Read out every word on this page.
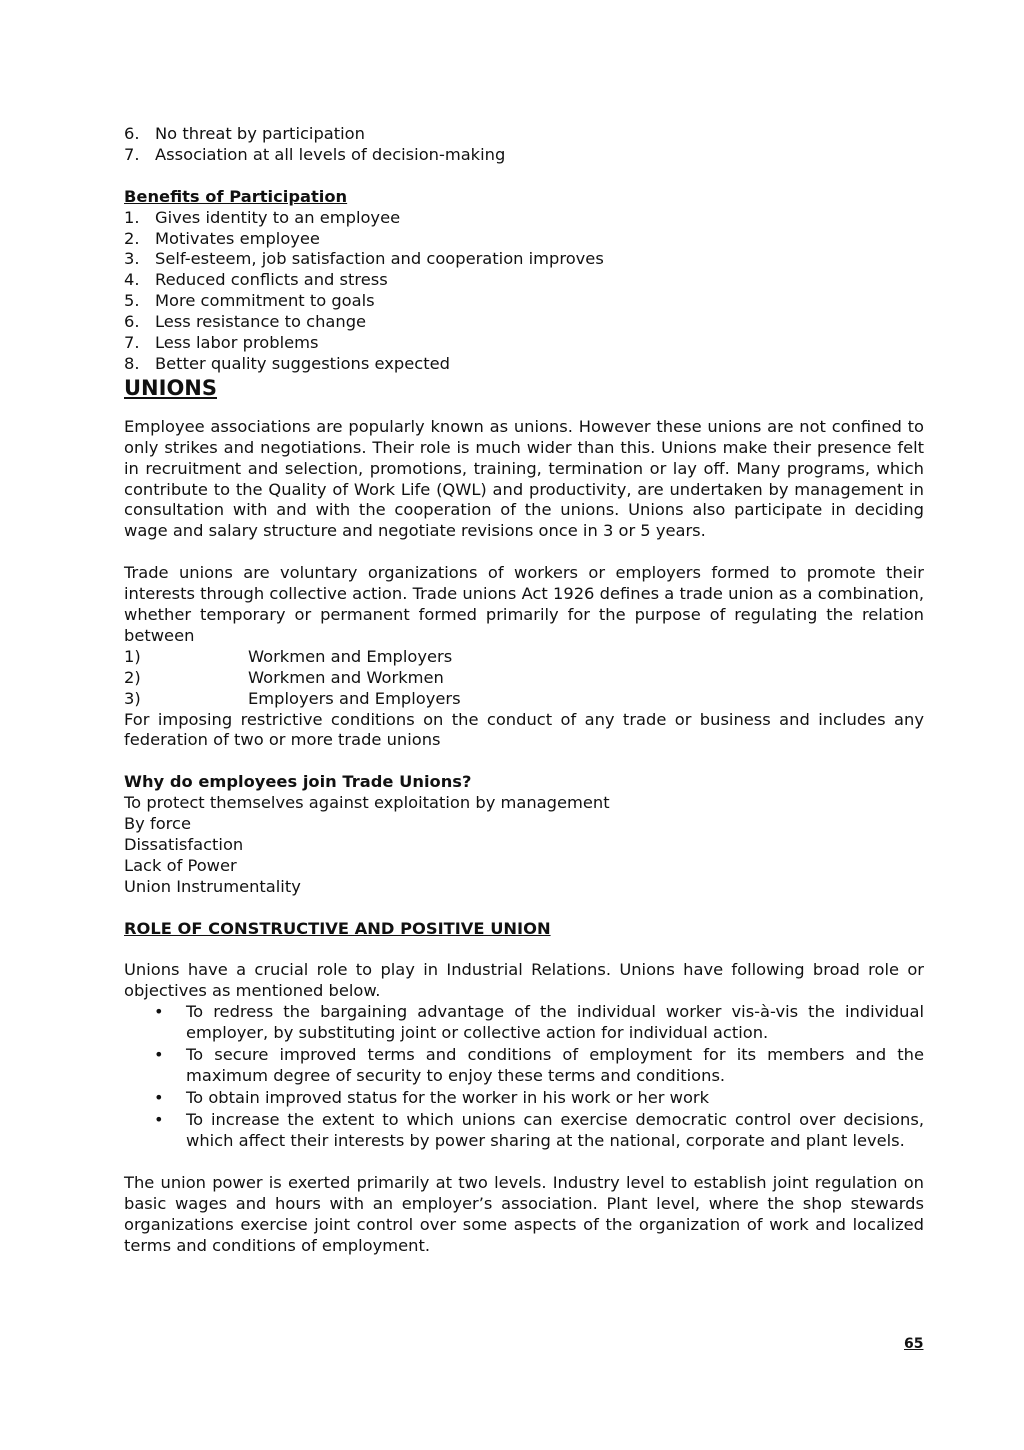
6. No threat by participation
7. Association at all levels of decision-making
Benefits of Participation
1. Gives identity to an employee
2. Motivates employee
3. Self-esteem, job satisfaction and cooperation improves
4. Reduced conflicts and stress
5. More commitment to goals
6. Less resistance to change
7. Less labor problems
8. Better quality suggestions expected
UNIONS
Employee associations are popularly known as unions. However these unions are not confined to only strikes and negotiations. Their role is much wider than this. Unions make their presence felt in recruitment and selection, promotions, training, termination or lay off. Many programs, which contribute to the Quality of Work Life (QWL) and productivity, are undertaken by management in consultation with and with the cooperation of the unions. Unions also participate in deciding wage and salary structure and negotiate revisions once in 3 or 5 years.
Trade unions are voluntary organizations of workers or employers formed to promote their interests through collective action. Trade unions Act 1926 defines a trade union as a combination, whether temporary or permanent formed primarily for the purpose of regulating the relation between
1)	Workmen and Employers
2)	Workmen and Workmen
3)	Employers and Employers
For imposing restrictive conditions on the conduct of any trade or business and includes any federation of two or more trade unions
Why do employees join Trade Unions?
To protect themselves against exploitation by management
By force
Dissatisfaction
Lack of Power
Union Instrumentality
ROLE OF CONSTRUCTIVE AND POSITIVE UNION
Unions have a crucial role to play in Industrial Relations. Unions have following broad role or objectives as mentioned below.
• To redress the bargaining advantage of the individual worker vis-à-vis the individual employer, by substituting joint or collective action for individual action.
• To secure improved terms and conditions of employment for its members and the maximum degree of security to enjoy these terms and conditions.
• To obtain improved status for the worker in his work or her work
• To increase the extent to which unions can exercise democratic control over decisions, which affect their interests by power sharing at the national, corporate and plant levels.
The union power is exerted primarily at two levels. Industry level to establish joint regulation on basic wages and hours with an employer’s association. Plant level, where the shop stewards organizations exercise joint control over some aspects of the organization of work and localized terms and conditions of employment.
65
